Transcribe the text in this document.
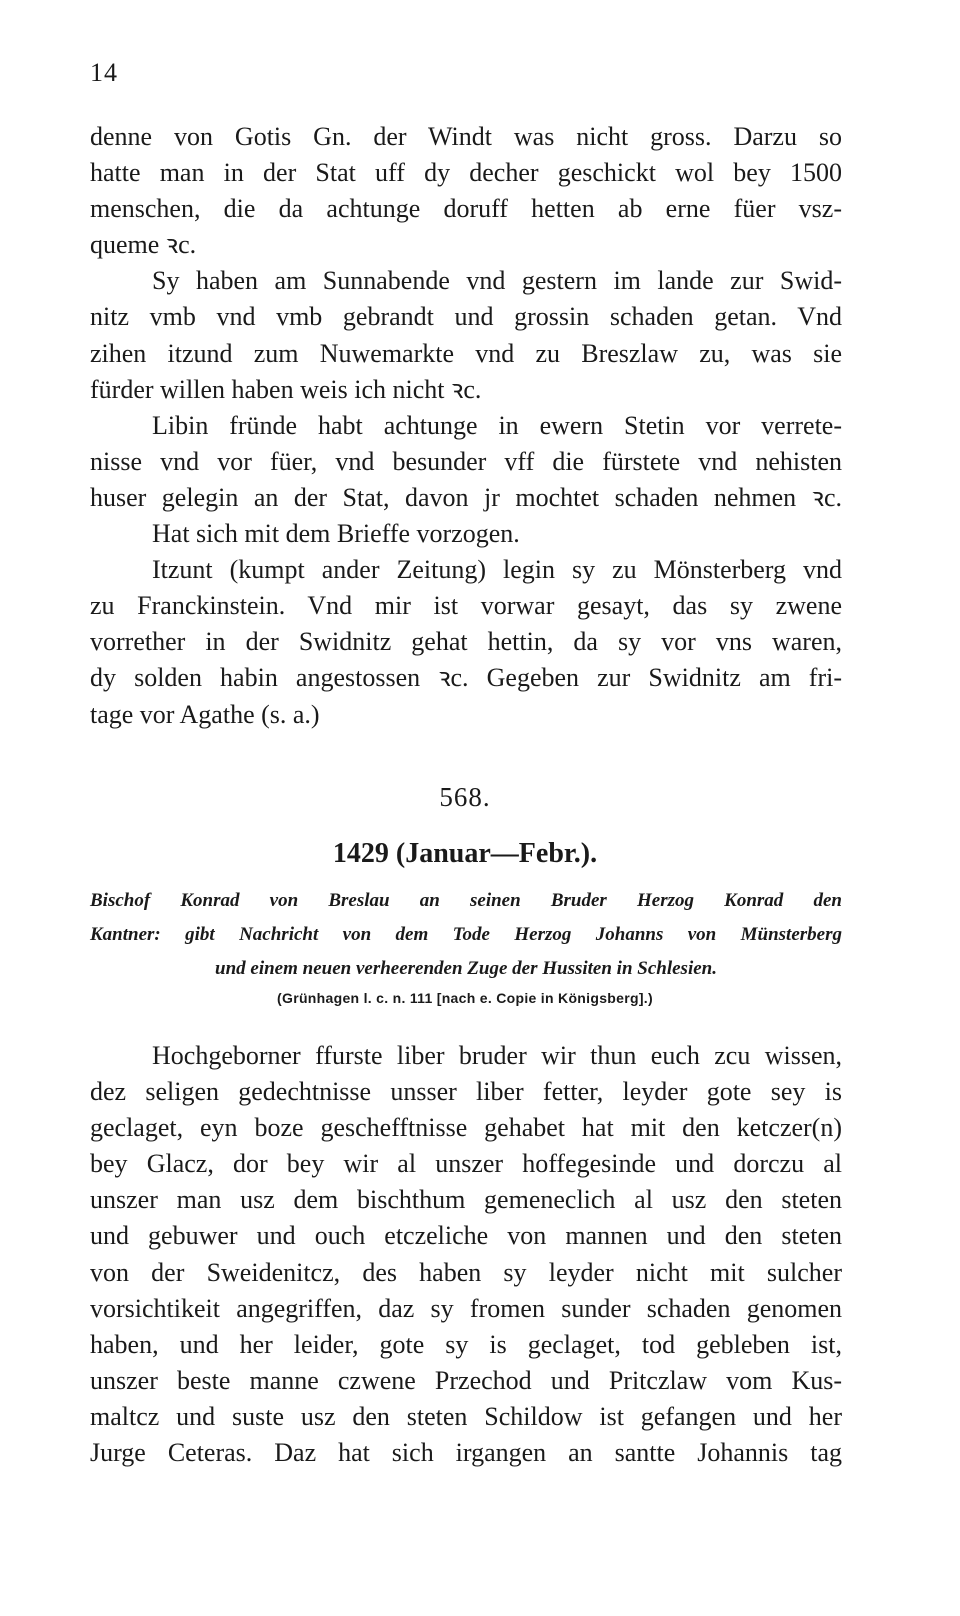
14
denne von Gotis Gn. der Windt was nicht gross. Darzu so
hatte man in der Stat uff dy decher geschickt wol bey 1500
menschen, die da achtunge doruff hetten ab erne füer vsz-
queme ꝛc.
Sy haben am Sunnabende vnd gestern im lande zur Swid-
nitz vmb vnd vmb gebrandt und grossin schaden getan. Vnd
zihen itzund zum Nuwemarkte vnd zu Breszlaw zu, was sie
fürder willen haben weis ich nicht ꝛc.
Libin fründe habt achtunge in ewern Stetin vor verrete-
nisse vnd vor füer, vnd besunder vff die fürstete vnd nehisten
huser gelegin an der Stat, davon jr mochtet schaden nehmen ꝛc.
Hat sich mit dem Brieffe vorzogen.
Itzunt (kumpt ander Zeitung) legin sy zu Mönsterberg vnd
zu Franckinstein. Vnd mir ist vorwar gesayt, das sy zwene
vorrether in der Swidnitz gehat hettin, da sy vor vns waren,
dy solden habin angestossen ꝛc. Gegeben zur Swidnitz am fri-
tage vor Agathe (s. a.)
568.
1429 (Januar—Febr.).
Bischof Konrad von Breslau an seinen Bruder Herzog Konrad den
Kantner: gibt Nachricht von dem Tode Herzog Johanns von Münsterberg
und einem neuen verheerenden Zuge der Hussiten in Schlesien.
(Grünhagen l. c. n. 111 [nach e. Copie in Königsberg].)
Hochgeborner ffurste liber bruder wir thun euch zcu wissen,
dez seligen gedechtnisse unsser liber fetter, leyder gote sey is
geclaget, eyn boze geschefftnisse gehabet hat mit den ketczer(n)
bey Glacz, dor bey wir al unszer hoffegesinde und dorczu al
unszer man usz dem bischthum gemeneclich al usz den steten
und gebuwer und ouch etczeliche von mannen und den steten
von der Sweidenitcz, des haben sy leyder nicht mit sulcher
vorsichtikeit angegriffen, daz sy fromen sunder schaden genomen
haben, und her leider, gote sy is geclaget, tod gebleben ist,
unszer beste manne czwene Przechod und Pritczlaw vom Kus-
maltcz und suste usz den steten Schildow ist gefangen und her
Jurge Ceteras. Daz hat sich irgangen an santte Johannis tag
